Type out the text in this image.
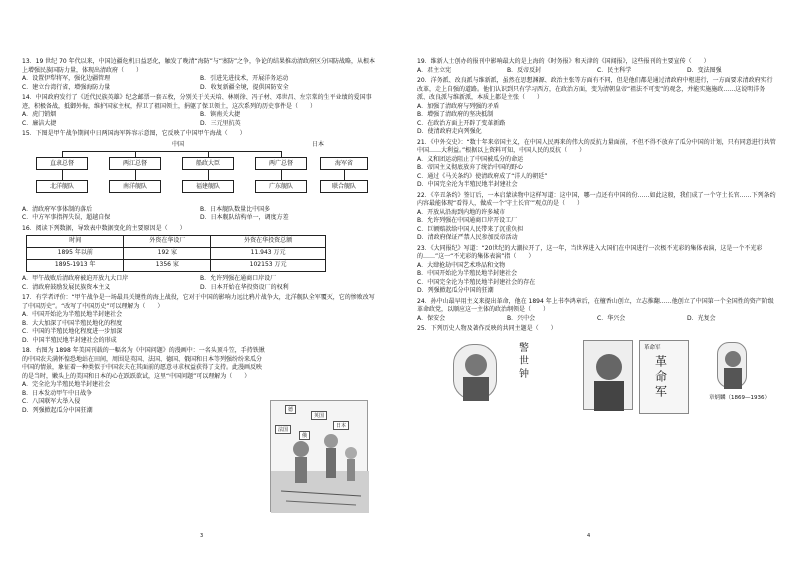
13．19 世纪 70 年代以来，中国边疆危机日益恶化，触发了晚清“海防”与“塞防”之争，争论的结果推动清政府区分国防战略，从根本上增强民族国防力量，体现出清政府（　　）
A．设置伊犁将军，强化边疆管理	B．引进先进技术，开展洋务运动
C．建立台湾行省，增强海防力量	D．收复新疆全境，提供国防安全
14．中国政府发行了《近代民族英雄》纪念邮票一套五枚，分别关于关天培、林则徐、冯子材、邓世昌、左宗棠的生平业绩的爱国事迹，积极备战，抵御外侮，维护国家主权，捍卫了祖国领土，捐躯了保卫领土，这次系列的历史事件是（　　）
A．虎门销烟	B．镇南关大捷
C．廉洁大捷	D．三元里抗英
15．下图是甲午战争期间中日两国海军阵容示意图，它反映了中国甲午海战（　　）
中国	日本
直隶总督	两江总督	船政大臣	两广总督
北洋舰队	南洋舰队	福建舰队	广东舰队
海军省
联合舰队
A．清政府军事体制的落后	B．日本舰队数量比中国多
C．中方军事指挥失误，超越自保	D．日本舰队结构单一，调度方差
16．阅读下列数据，导致表中数据变化的主要原因是（　　）
时间	外资在华设厂	外资在华投资总额
1895 年以前	192 家	11.943 万元
1895-1913 年	1356 家	102153 万元
A．甲午战败后清政府被迫开放九大口岸	B．允许列强在通商口岸设厂
C．清政府鼓励发展民族资本主义	D．日本开始在华投资设厂的权利
17．有学者评价：“甲午战争是一场最具关键性的海上战役，它对于中国的影响力远比鸦片战争大，北洋舰队全军覆灭，它的惨败改写了中国历史”。“改写了中国历史”可以理解为（　　）
A．中国开始沦为半殖民地半封建社会
B．大大加深了中国半殖民地化的程度
C．中国的半殖民地化程度进一步加深
D．中国半殖民地半封建社会的形成
18．右图为 1898 年美国刊载的一幅名为《中国问题》的漫画中：一名头顶斗笠，手持铁锹的中国农夫满怀惶恐地站在田间，周围是英国、法国、德国、俄国和日本等列强纷纷来瓜分中国的情景，象征着一种类似于中国农夫在其面前的愿意寻求权益获得了支持。此漫画反映的是当时，嫩头上的美国和日本的心在跃跃欲试，这里“中国问题”可以理解为（　　）
A．完全沦为半殖民地半封建社会
B．日本发动甲午中日战争
C．八国联军大举入侵
D．列强掀起瓜分中国狂潮	德
英国
日本
法国
俄
3
19．维新人士创办的报刊中影响最大的是上海的《时务报》和天津的《国闻报》，这些报刊的主要宣传（　　）
A．君主立宪	B．反帝反封	C．民主科学	D．变法图强
20．洋务派、改良派与维新派，虽然在思想渊源、政治主张等方面有不同，但是他们都是通过清政府中枢进行，一方面要求清政府实行改革，走上自强的道路。他们认识到只有学习西方，在政治方面，变为清朝皇帝“祖法不可变”的观念，并能实施施政……这说明洋务派、改良派与维新派，本质上都是主张（　　）
A．加强了清政府与列强的矛盾
B．增强了清政府的坚决抵制
C．在政治方面上开辟了变革新路
D．使清政府走向列强化
21．《中外交史》：“数十年来帝国主义，在中国人民再来的伟大的反抗力量面前，不但不得不放弃了瓜分中国的计划，只有同意进行共管中国……大利益。”根据以上资料可知，中国人民的反抗（　　）
A．义和团运动阻止了中国被瓜分的命运
B．帝国主义彻底放弃了统治中国的野心
C．通过《马关条约》使清政府成了“洋人的朝廷”
D．中国完全沦为半殖民地半封建社会
22．《辛丑条约》签订后，一本启蒙读物中这样写道：这中国，哪一点还有中国的份……如此这般，我们成了一个守土长官……下列条约内容最能体现“看得人，做成一个‘守土长官’”观点的是（　　）
A．开放从沿海到内地的许多城市
B．允许列强在中国通商口岸开设工厂
C．巨额赔款给中国人民带来了沉重负担
D．清政府保证严禁人民参加反帝活动
23．《大同报纪》写道：“20世纪的大潮拉开了，这一年，当世界进入大国们在中国进行一次极不光彩的集体表演，这是一个不光彩的……”这一“不光彩的集体表演”指（　　）
A．大肆抢劫中国艺术珍品和文物
B．中国开始沦为半殖民地半封建社会
C．中国完全沦为半殖民地半封建社会的存在
D．列强掀起瓜分中国的狂潮
24．孙中山最早用主义来提出革命，他在 1894 年上书李鸿章后，在檀香山创立，立志推翻……他创立了中国第一个全国性的资产阶级革命政党，以顺应这一主体的政治纲领是（　　）
A．保安会	B．兴中会	C．华兴会	D．光复会
25．下列历史人物及著作反映的共同主题是（　　）
警世钟	革命军
革命军	章炳麟（1869—1936）
4
